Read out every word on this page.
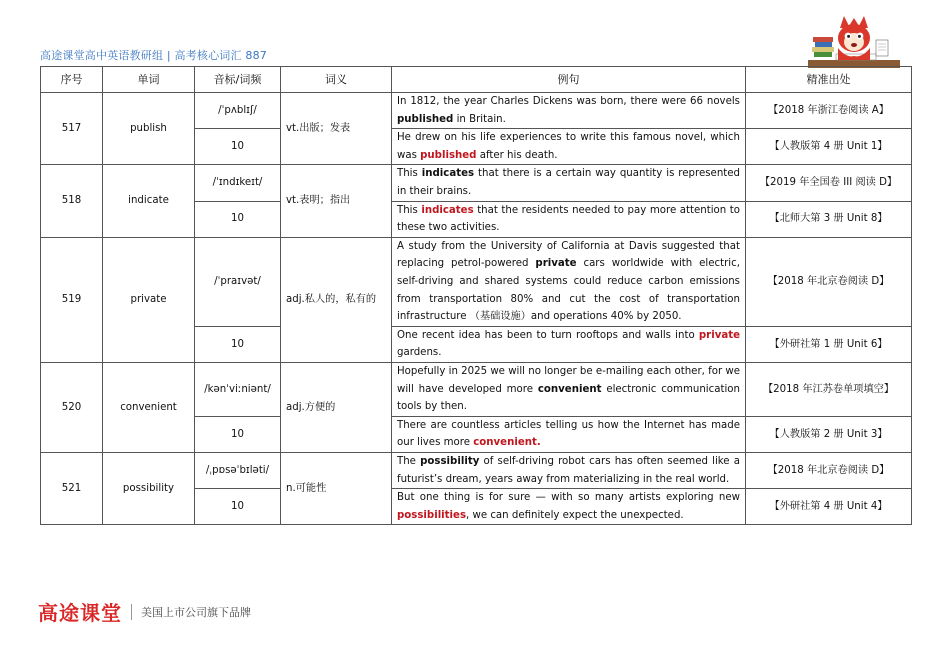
高途课堂高中英语教研组 | 高考核心词汇 887
序号	单词	音标/词频	词义	例句	精准出处
517	publish	/ˈpʌblɪʃ/	vt.出版；发表	In 1812, the year Charles Dickens was born, there were 66 novels published in Britain.	【2018 年浙江卷阅读 A】
		10		He drew on his life experiences to write this famous novel, which was published after his death.	【人教版第 4 册 Unit 1】
518	indicate	/ˈɪndɪkeɪt/	vt.表明；指出	This indicates that there is a certain way quantity is represented in their brains.	【2019 年全国卷 III 阅读 D】
		10		This indicates that the residents needed to pay more attention to these two activities.	【北师大第 3 册 Unit 8】
519	private	/ˈpraɪvət/	adj.私人的，私有的	A study from the University of California at Davis suggested that replacing petrol-powered private cars worldwide with electric, self-driving and shared systems could reduce carbon emissions from transportation 80% and cut the cost of transportation infrastructure （基础设施）and operations 40% by 2050.	【2018 年北京卷阅读 D】
		10		One recent idea has been to turn rooftops and walls into private gardens.	【外研社第 1 册 Unit 6】
520	convenient	/kənˈviːniənt/	adj.方便的	Hopefully in 2025 we will no longer be e-mailing each other, for we will have developed more convenient electronic communication tools by then.	【2018 年江苏卷单项填空】
		10		There are countless articles telling us how the Internet has made our lives more convenient.	【人教版第 2 册 Unit 3】
521	possibility	/ˌpɒsəˈbɪləti/	n.可能性	The possibility of self-driving robot cars has often seemed like a futurist’s dream, years away from materializing in the real world.	【2018 年北京卷阅读 D】
		10		But one thing is for sure — with so many artists exploring new possibilities, we can definitely expect the unexpected.	【外研社第 4 册 Unit 4】
高途课堂 美国上市公司旗下品牌
